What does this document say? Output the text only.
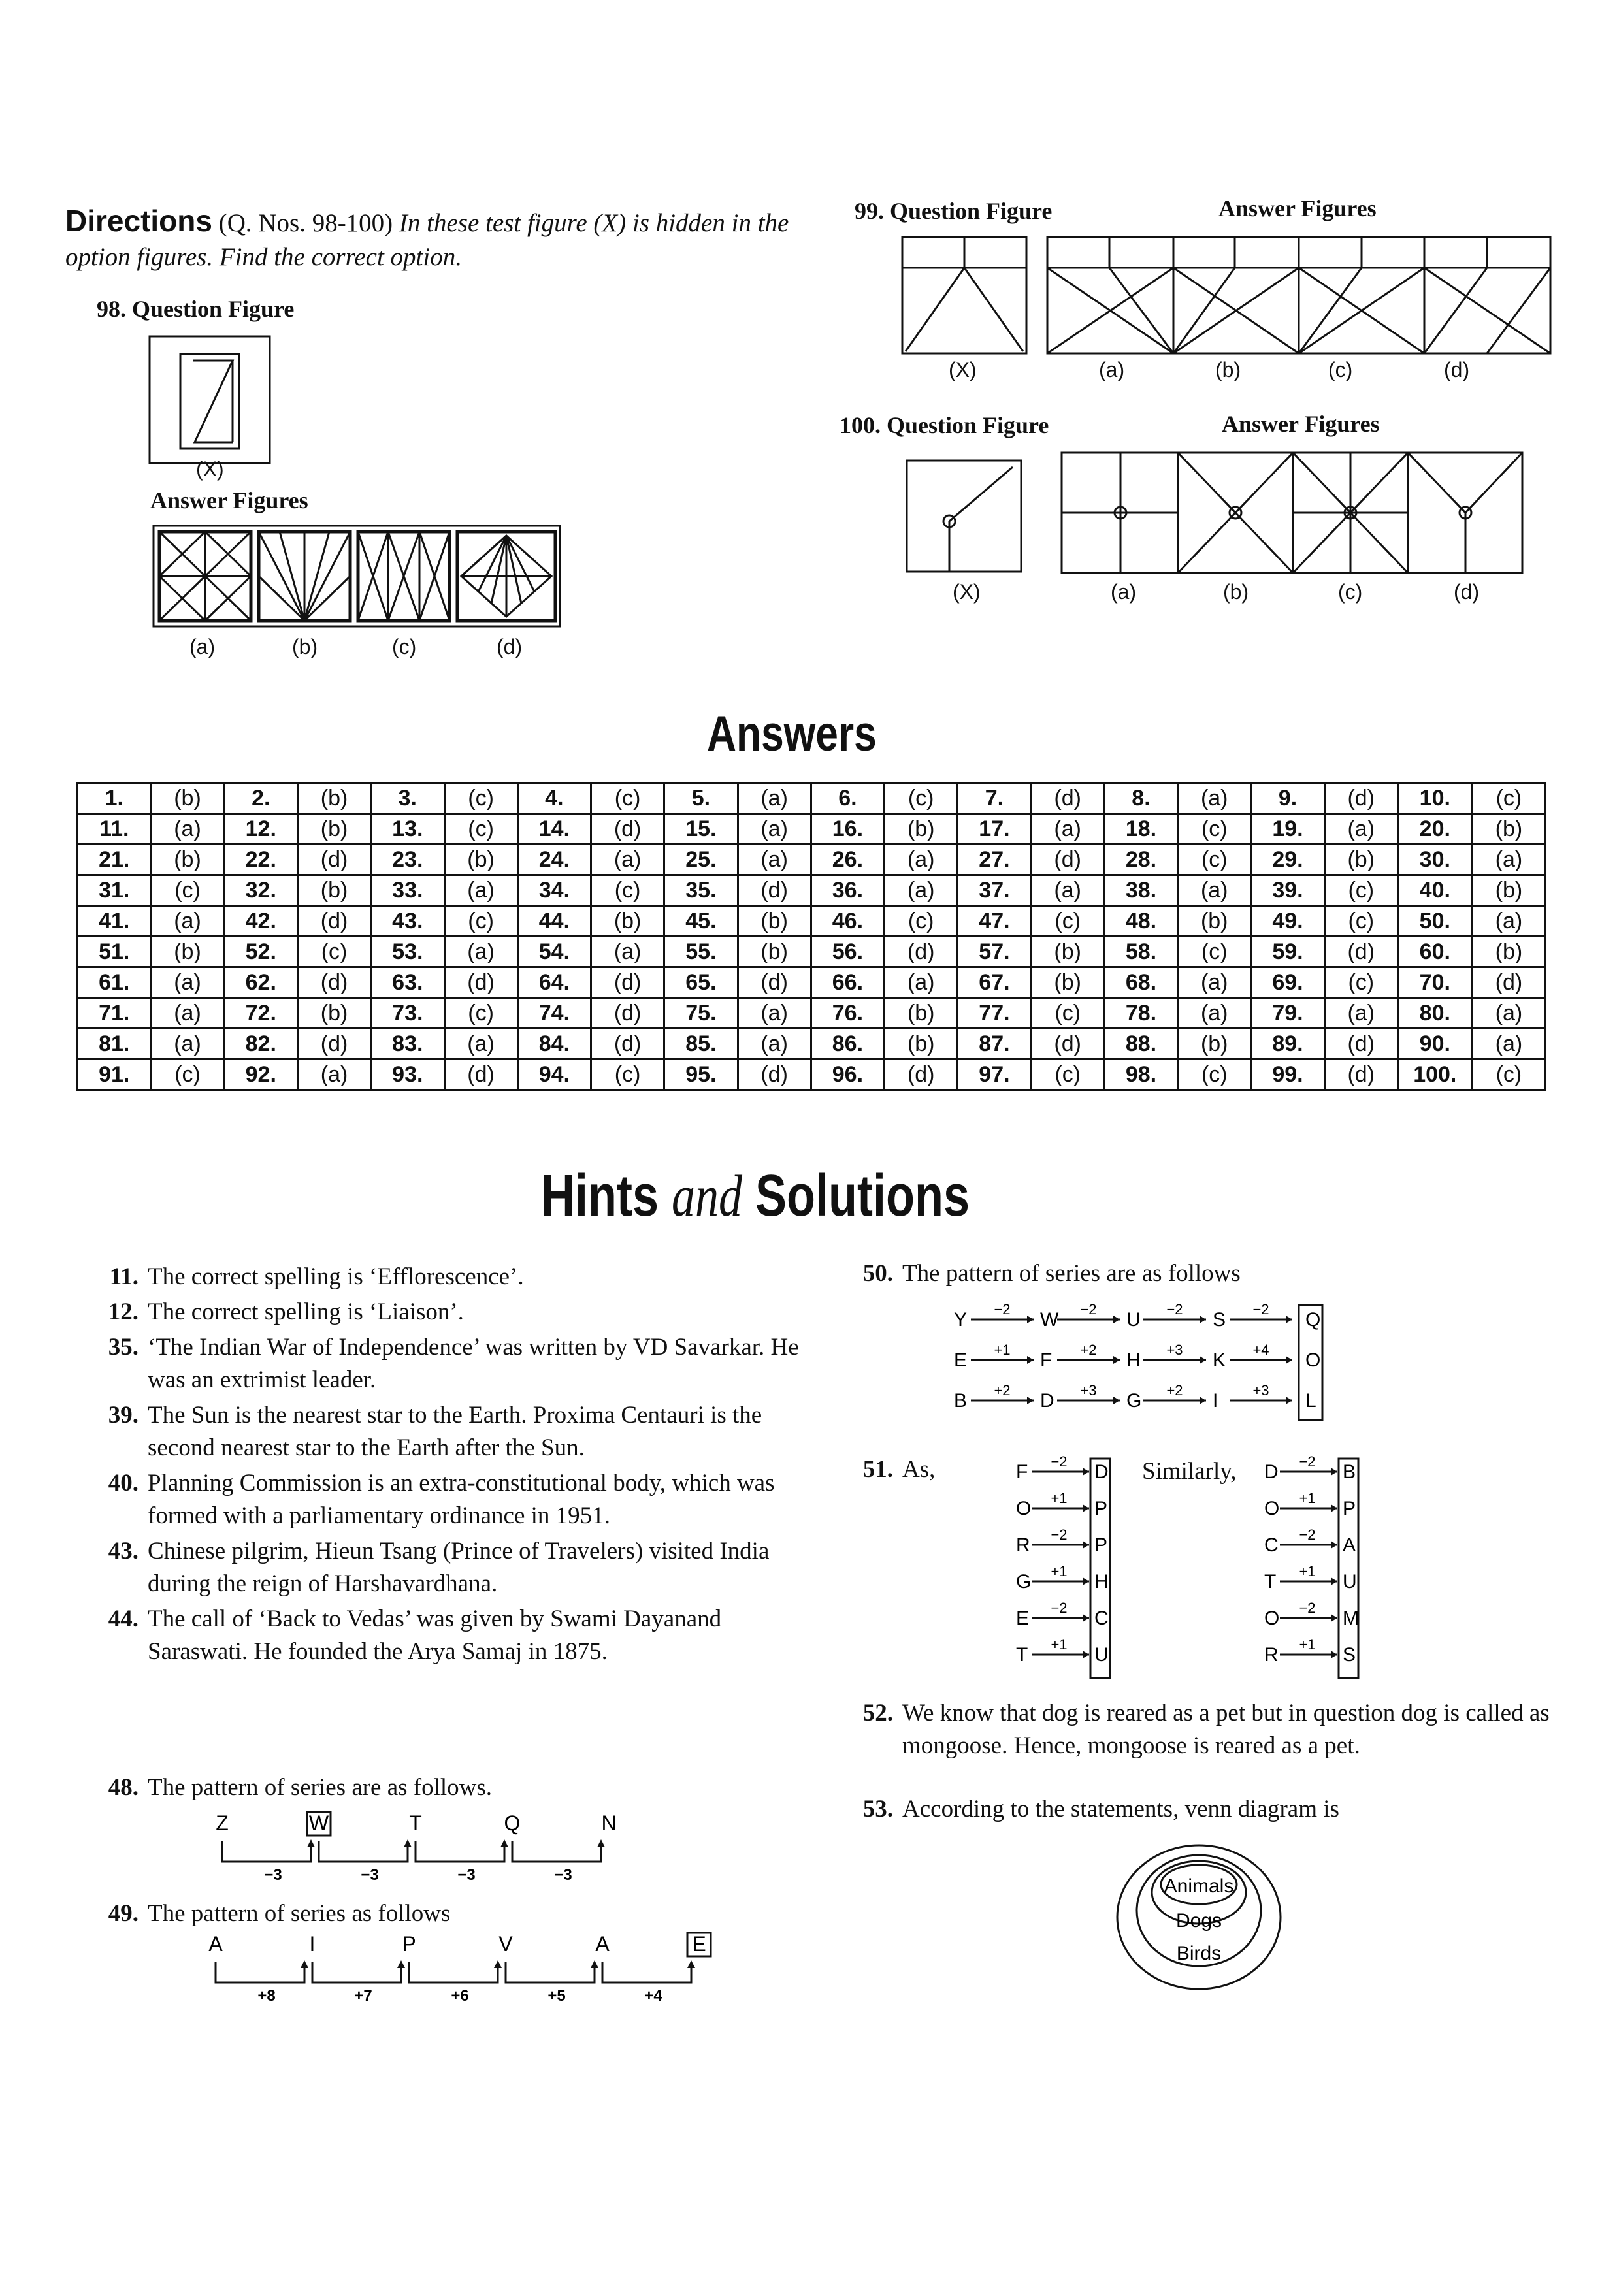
Directions (Q. Nos. 98-100) In these test figure (X) is hidden in the option figures. Find the correct option.
98. Question Figure
(X)
Answer Figures
(a)	(b)	(c)	(d)
99. Question Figure	Answer Figures
(X)	(a)	(b)	(c)	(d)
100. Question Figure	Answer Figures
(X)	(a)	(b)	(c)	(d)
Answers
1.	(b)	2.	(b)	3.	(c)	4.	(c)	5.	(a)	6.	(c)	7.	(d)	8.	(a)	9.	(d)	10.	(c)
11.	(a)	12.	(b)	13.	(c)	14.	(d)	15.	(a)	16.	(b)	17.	(a)	18.	(c)	19.	(a)	20.	(b)
21.	(b)	22.	(d)	23.	(b)	24.	(a)	25.	(a)	26.	(a)	27.	(d)	28.	(c)	29.	(b)	30.	(a)
31.	(c)	32.	(b)	33.	(a)	34.	(c)	35.	(d)	36.	(a)	37.	(a)	38.	(a)	39.	(c)	40.	(b)
41.	(a)	42.	(d)	43.	(c)	44.	(b)	45.	(b)	46.	(c)	47.	(c)	48.	(b)	49.	(c)	50.	(a)
51.	(b)	52.	(c)	53.	(a)	54.	(a)	55.	(b)	56.	(d)	57.	(b)	58.	(c)	59.	(d)	60.	(b)
61.	(a)	62.	(d)	63.	(d)	64.	(d)	65.	(d)	66.	(a)	67.	(b)	68.	(a)	69.	(c)	70.	(d)
71.	(a)	72.	(b)	73.	(c)	74.	(d)	75.	(a)	76.	(b)	77.	(c)	78.	(a)	79.	(a)	80.	(a)
81.	(a)	82.	(d)	83.	(a)	84.	(d)	85.	(a)	86.	(b)	87.	(d)	88.	(b)	89.	(d)	90.	(a)
91.	(c)	92.	(a)	93.	(d)	94.	(c)	95.	(d)	96.	(d)	97.	(c)	98.	(c)	99.	(d)	100.	(c)
Hints and Solutions

11. The correct spelling is ‘Efflorescence’.

12. The correct spelling is ‘Liaison’.

35. ‘The Indian War of Independence’ was written by VD Savarkar. He was an extrimist leader.

39. The Sun is the nearest star to the Earth. Proxima Centauri is the second nearest star to the Earth after the Sun.

40. Planning Commission is an extra-constitutional body, which was formed with a parliamentary ordinance in 1951.

43. Chinese pilgrim, Hieun Tsang (Prince of Travelers) visited India during the reign of Harshavardhana.

44. The call of ‘Back to Vedas’ was given by Swami Dayanand Saraswati. He founded the Arya Samaj in 1875.

48. The pattern of series are as follows.
Z	W	T	Q	N
−3	−3	−3	−3
49. The pattern of series as follows
A	I	P	V	A	E
+8	+7	+6	+5	+4
50. The pattern of series are as follows
Y −2 W −2 U −2 S −2 Q
E +1 F +2 H +3 K +4 O
B +2 D +3 G +2 I +3 L
51. As,	Similarly,
F −2 D
O +1 P
R −2 P
G +1 H
E −2 C
T +1 U
D −2 B
O +1 P
C −2 A
T +1 U
O −2 M
R +1 S
52. We know that dog is reared as a pet but in question dog is called as mongoose. Hence, mongoose is reared as a pet.
53. According to the statements, venn diagram is
Animals
Dogs
Birds
